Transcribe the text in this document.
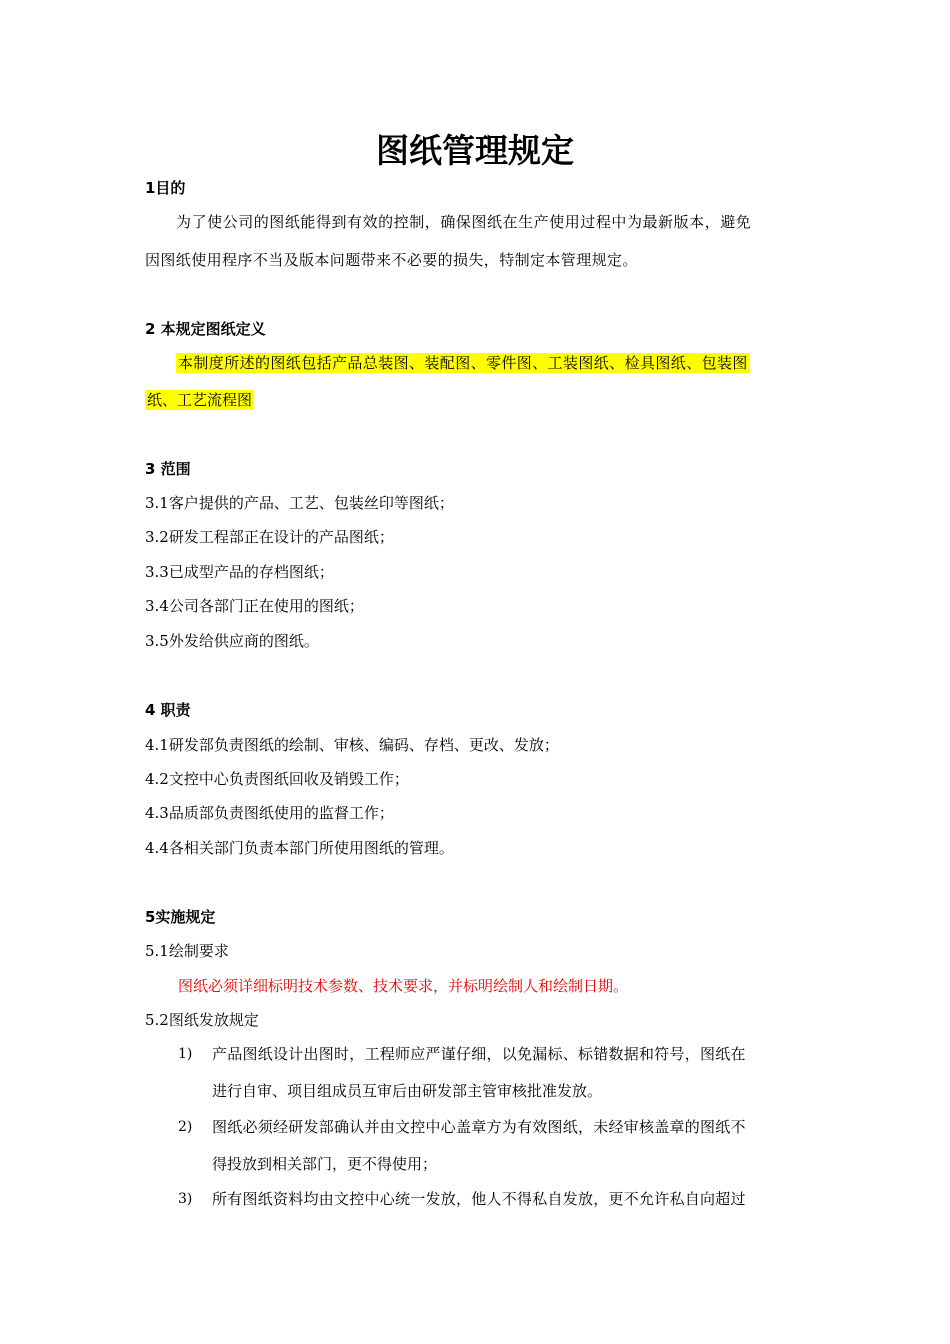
图纸管理规定
1目的
为了使公司的图纸能得到有效的控制，确保图纸在生产使用过程中为最新版本，避免
因图纸使用程序不当及版本问题带来不必要的损失，特制定本管理规定。
2 本规定图纸定义
本制度所述的图纸包括产品总装图、装配图、零件图、工装图纸、检具图纸、包装图
纸、工艺流程图
3 范围
3.1客户提供的产品、工艺、包装丝印等图纸；
3.2研发工程部正在设计的产品图纸；
3.3已成型产品的存档图纸；
3.4公司各部门正在使用的图纸；
3.5外发给供应商的图纸。
4 职责
4.1研发部负责图纸的绘制、审核、编码、存档、更改、发放；
4.2文控中心负责图纸回收及销毁工作；
4.3品质部负责图纸使用的监督工作；
4.4各相关部门负责本部门所使用图纸的管理。
5实施规定
5.1绘制要求
图纸必须详细标明技术参数、技术要求，并标明绘制人和绘制日期。
5.2图纸发放规定
1) 产品图纸设计出图时，工程师应严谨仔细，以免漏标、标错数据和符号，图纸在
进行自审、项目组成员互审后由研发部主管审核批准发放。
2) 图纸必须经研发部确认并由文控中心盖章方为有效图纸，未经审核盖章的图纸不
得投放到相关部门，更不得使用；
3) 所有图纸资料均由文控中心统一发放，他人不得私自发放，更不允许私自向超过
